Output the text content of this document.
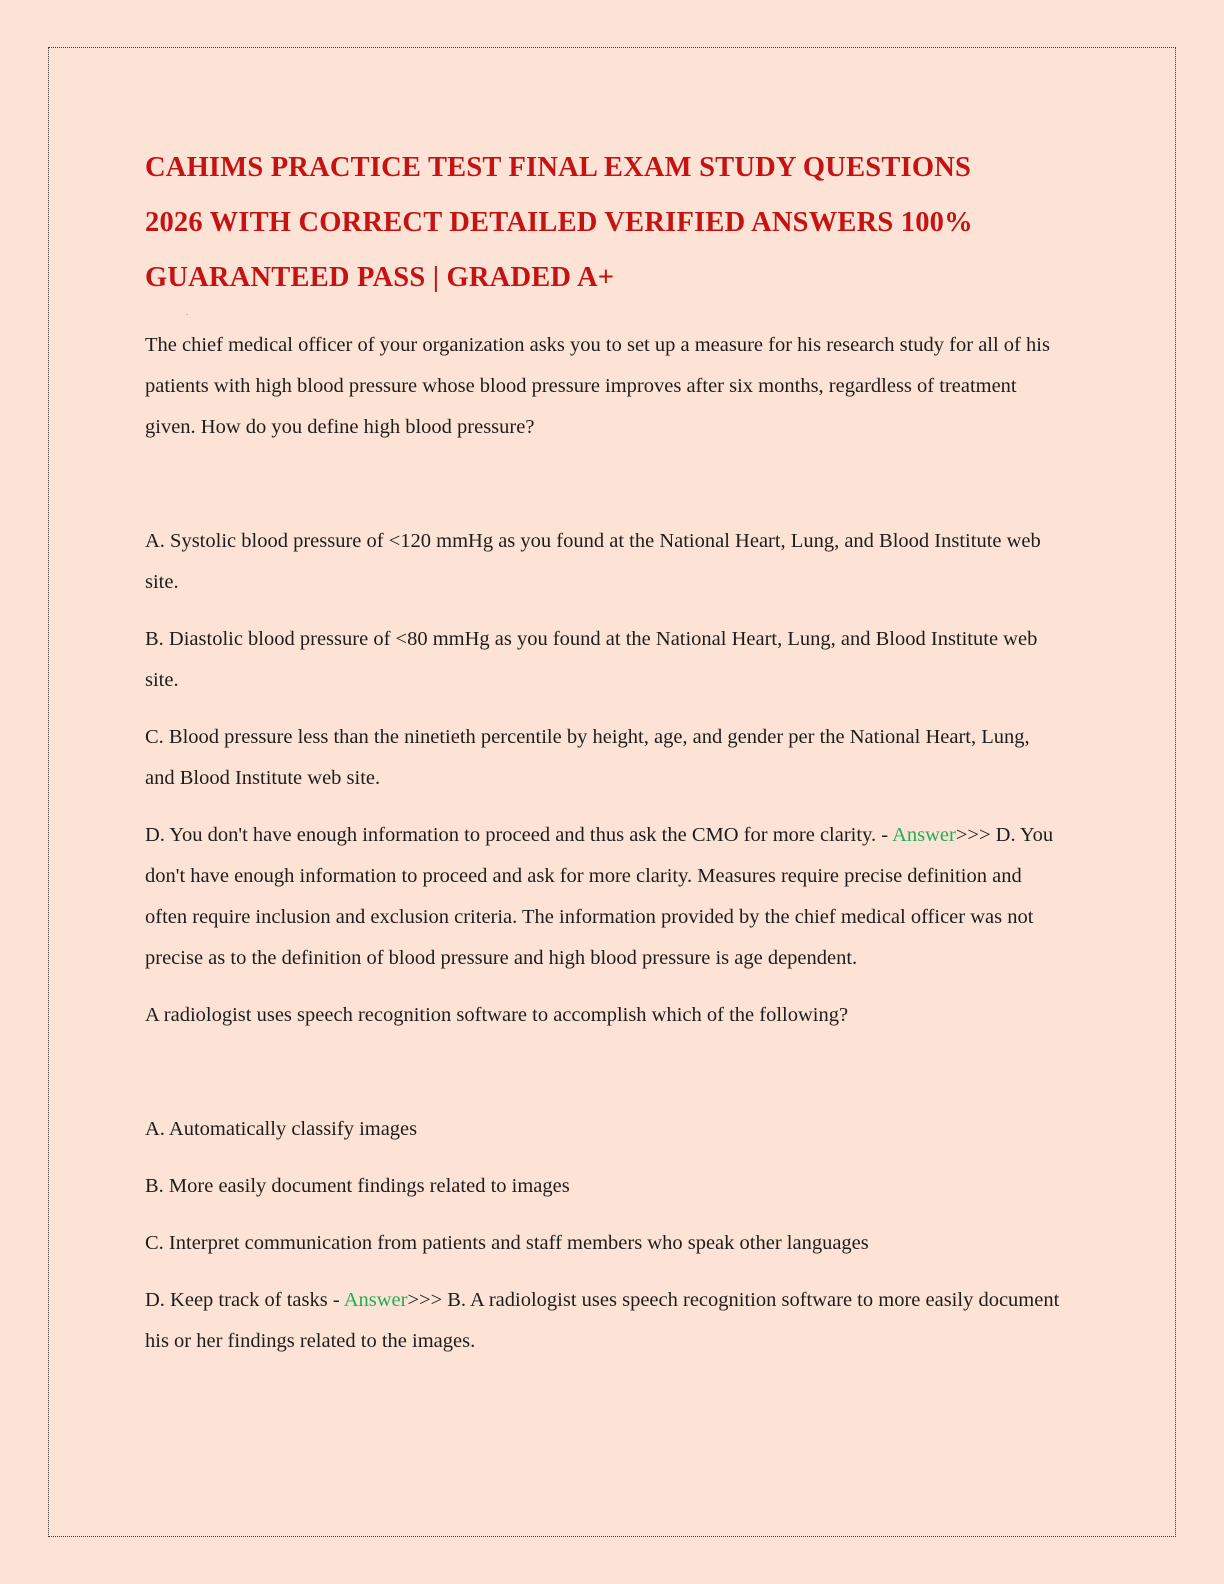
CAHIMS PRACTICE TEST FINAL EXAM STUDY QUESTIONS
2026 WITH CORRECT DETAILED VERIFIED ANSWERS 100%
GUARANTEED PASS | GRADED A+
.

The chief medical officer of your organization asks you to set up a measure for his research study for all of his patients with high blood pressure whose blood pressure improves after six months, regardless of treatment given. How do you define high blood pressure?

A. Systolic blood pressure of <120 mmHg as you found at the National Heart, Lung, and Blood Institute web site.

B. Diastolic blood pressure of <80 mmHg as you found at the National Heart, Lung, and Blood Institute web site.

C. Blood pressure less than the ninetieth percentile by height, age, and gender per the National Heart, Lung, and Blood Institute web site.

D. You don't have enough information to proceed and thus ask the CMO for more clarity. - Answer>>> D. You don't have enough information to proceed and ask for more clarity. Measures require precise definition and often require inclusion and exclusion criteria. The information provided by the chief medical officer was not precise as to the definition of blood pressure and high blood pressure is age dependent.

A radiologist uses speech recognition software to accomplish which of the following?

A. Automatically classify images

B. More easily document findings related to images

C. Interpret communication from patients and staff members who speak other languages

D. Keep track of tasks - Answer>>> B. A radiologist uses speech recognition software to more easily document his or her findings related to the images.
